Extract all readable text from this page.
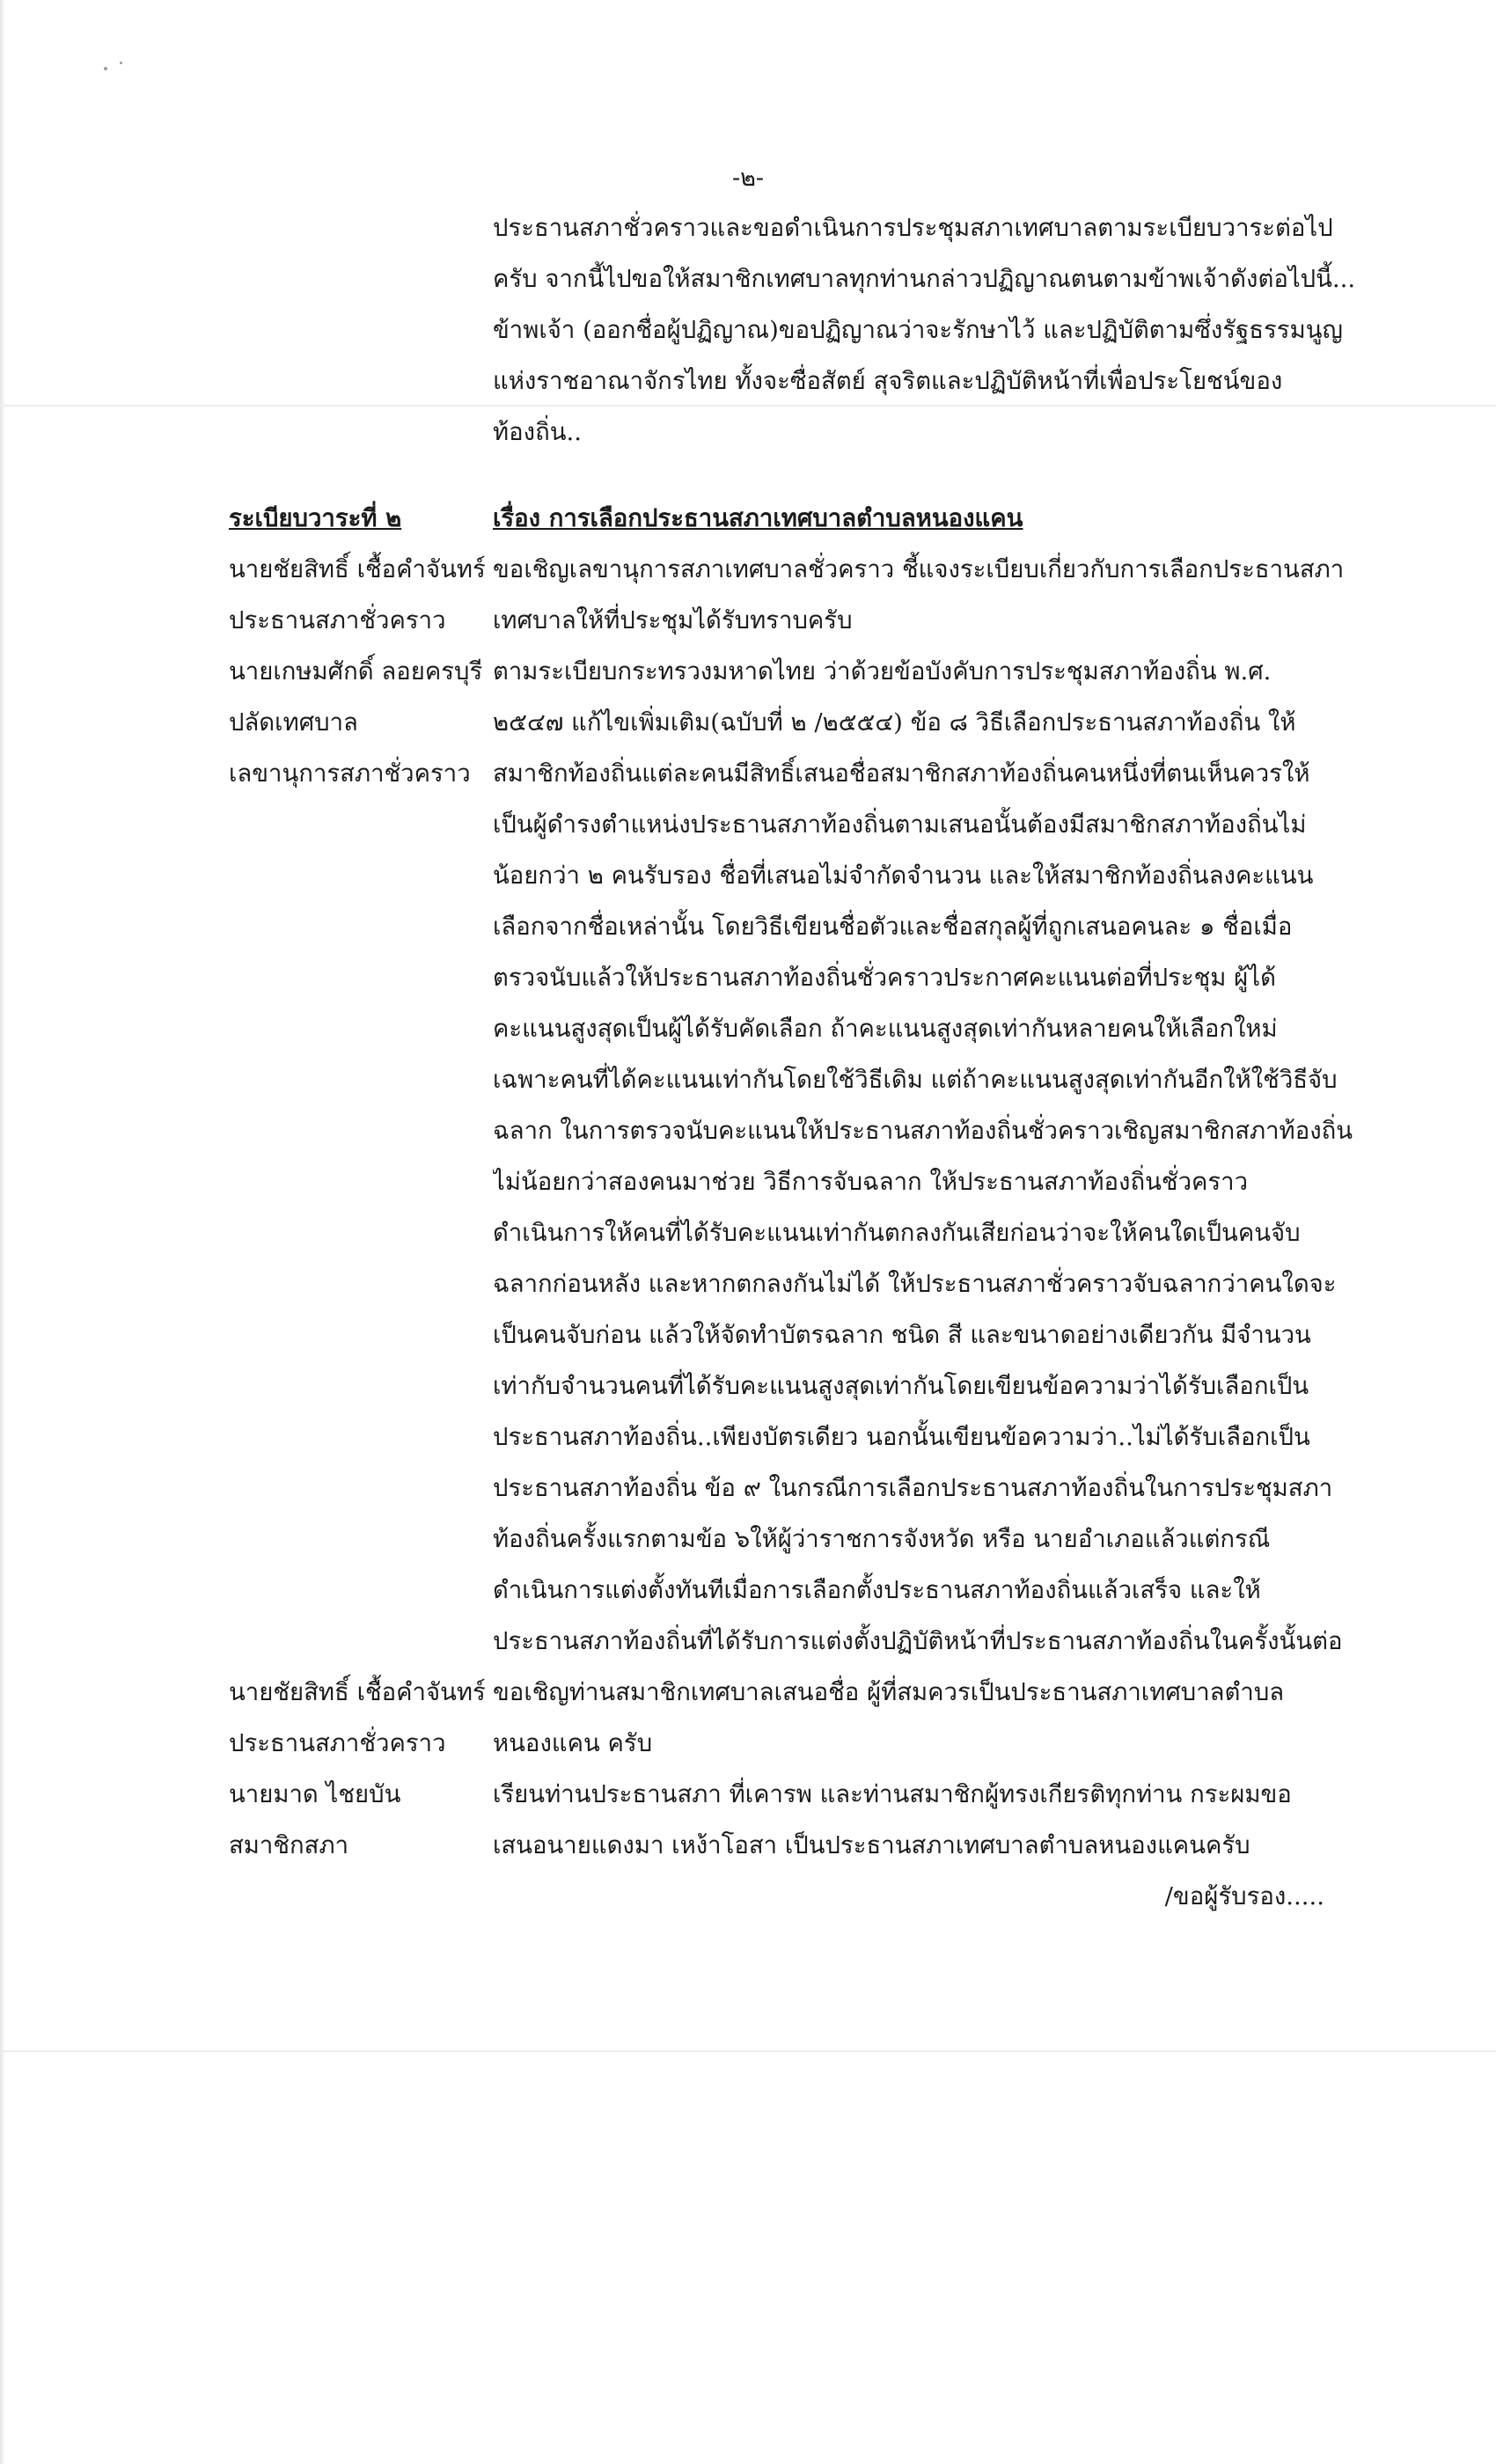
-๒-
ประธานสภาชั่วคราวและขอดำเนินการประชุมสภาเทศบาลตามระเบียบวาระต่อไป
ครับ จากนี้ไปขอให้สมาชิกเทศบาลทุกท่านกล่าวปฏิญาณตนตามข้าพเจ้าดังต่อไปนี้...
ข้าพเจ้า (ออกชื่อผู้ปฏิญาณ)ขอปฏิญาณว่าจะรักษาไว้ และปฏิบัติตามซึ่งรัฐธรรมนูญ
แห่งราชอาณาจักรไทย ทั้งจะซื่อสัตย์ สุจริตและปฏิบัติหน้าที่เพื่อประโยชน์ของ
ท้องถิ่น..
ระเบียบวาระที่ ๒	เรื่อง การเลือกประธานสภาเทศบาลตำบลหนองแคน
นายชัยสิทธิ์ เชื้อคำจันทร์
ประธานสภาชั่วคราว
ขอเชิญเลขานุการสภาเทศบาลชั่วคราว ชี้แจงระเบียบเกี่ยวกับการเลือกประธานสภา
เทศบาลให้ที่ประชุมได้รับทราบครับ
นายเกษมศักดิ์ ลอยครบุรี
ปลัดเทศบาล
เลขานุการสภาชั่วคราว
ตามระเบียบกระทรวงมหาดไทย ว่าด้วยข้อบังคับการประชุมสภาท้องถิ่น พ.ศ.
๒๕๔๗ แก้ไขเพิ่มเติม(ฉบับที่ ๒ /๒๕๕๔) ข้อ ๘ วิธีเลือกประธานสภาท้องถิ่น ให้
สมาชิกท้องถิ่นแต่ละคนมีสิทธิ์เสนอชื่อสมาชิกสภาท้องถิ่นคนหนึ่งที่ตนเห็นควรให้
เป็นผู้ดำรงตำแหน่งประธานสภาท้องถิ่นตามเสนอนั้นต้องมีสมาชิกสภาท้องถิ่นไม่
น้อยกว่า ๒ คนรับรอง ชื่อที่เสนอไม่จำกัดจำนวน และให้สมาชิกท้องถิ่นลงคะแนน
เลือกจากชื่อเหล่านั้น โดยวิธีเขียนชื่อตัวและชื่อสกุลผู้ที่ถูกเสนอคนละ ๑ ชื่อเมื่อ
ตรวจนับแล้วให้ประธานสภาท้องถิ่นชั่วคราวประกาศคะแนนต่อที่ประชุม ผู้ได้
คะแนนสูงสุดเป็นผู้ได้รับคัดเลือก ถ้าคะแนนสูงสุดเท่ากันหลายคนให้เลือกใหม่
เฉพาะคนที่ได้คะแนนเท่ากันโดยใช้วิธีเดิม แต่ถ้าคะแนนสูงสุดเท่ากันอีกให้ใช้วิธีจับ
ฉลาก ในการตรวจนับคะแนนให้ประธานสภาท้องถิ่นชั่วคราวเชิญสมาชิกสภาท้องถิ่น
ไม่น้อยกว่าสองคนมาช่วย วิธีการจับฉลาก ให้ประธานสภาท้องถิ่นชั่วคราว
ดำเนินการให้คนที่ได้รับคะแนนเท่ากันตกลงกันเสียก่อนว่าจะให้คนใดเป็นคนจับ
ฉลากก่อนหลัง และหากตกลงกันไม่ได้ ให้ประธานสภาชั่วคราวจับฉลากว่าคนใดจะ
เป็นคนจับก่อน แล้วให้จัดทำบัตรฉลาก ชนิด สี และขนาดอย่างเดียวกัน มีจำนวน
เท่ากับจำนวนคนที่ได้รับคะแนนสูงสุดเท่ากันโดยเขียนข้อความว่าได้รับเลือกเป็น
ประธานสภาท้องถิ่น..เพียงบัตรเดียว นอกนั้นเขียนข้อความว่า..ไม่ได้รับเลือกเป็น
ประธานสภาท้องถิ่น ข้อ ๙ ในกรณีการเลือกประธานสภาท้องถิ่นในการประชุมสภา
ท้องถิ่นครั้งแรกตามข้อ ๖ให้ผู้ว่าราชการจังหวัด หรือ นายอำเภอแล้วแต่กรณี
ดำเนินการแต่งตั้งทันทีเมื่อการเลือกตั้งประธานสภาท้องถิ่นแล้วเสร็จ และให้
ประธานสภาท้องถิ่นที่ได้รับการแต่งตั้งปฏิบัติหน้าที่ประธานสภาท้องถิ่นในครั้งนั้นต่อ
นายชัยสิทธิ์ เชื้อคำจันทร์
ประธานสภาชั่วคราว
ขอเชิญท่านสมาชิกเทศบาลเสนอชื่อ ผู้ที่สมควรเป็นประธานสภาเทศบาลตำบล
หนองแคน ครับ
นายมาด ไชยบัน
สมาชิกสภา
เรียนท่านประธานสภา ที่เคารพ และท่านสมาชิกผู้ทรงเกียรติทุกท่าน กระผมขอ
เสนอนายแดงมา เหง้าโอสา เป็นประธานสภาเทศบาลตำบลหนองแคนครับ
/ขอผู้รับรอง.....
